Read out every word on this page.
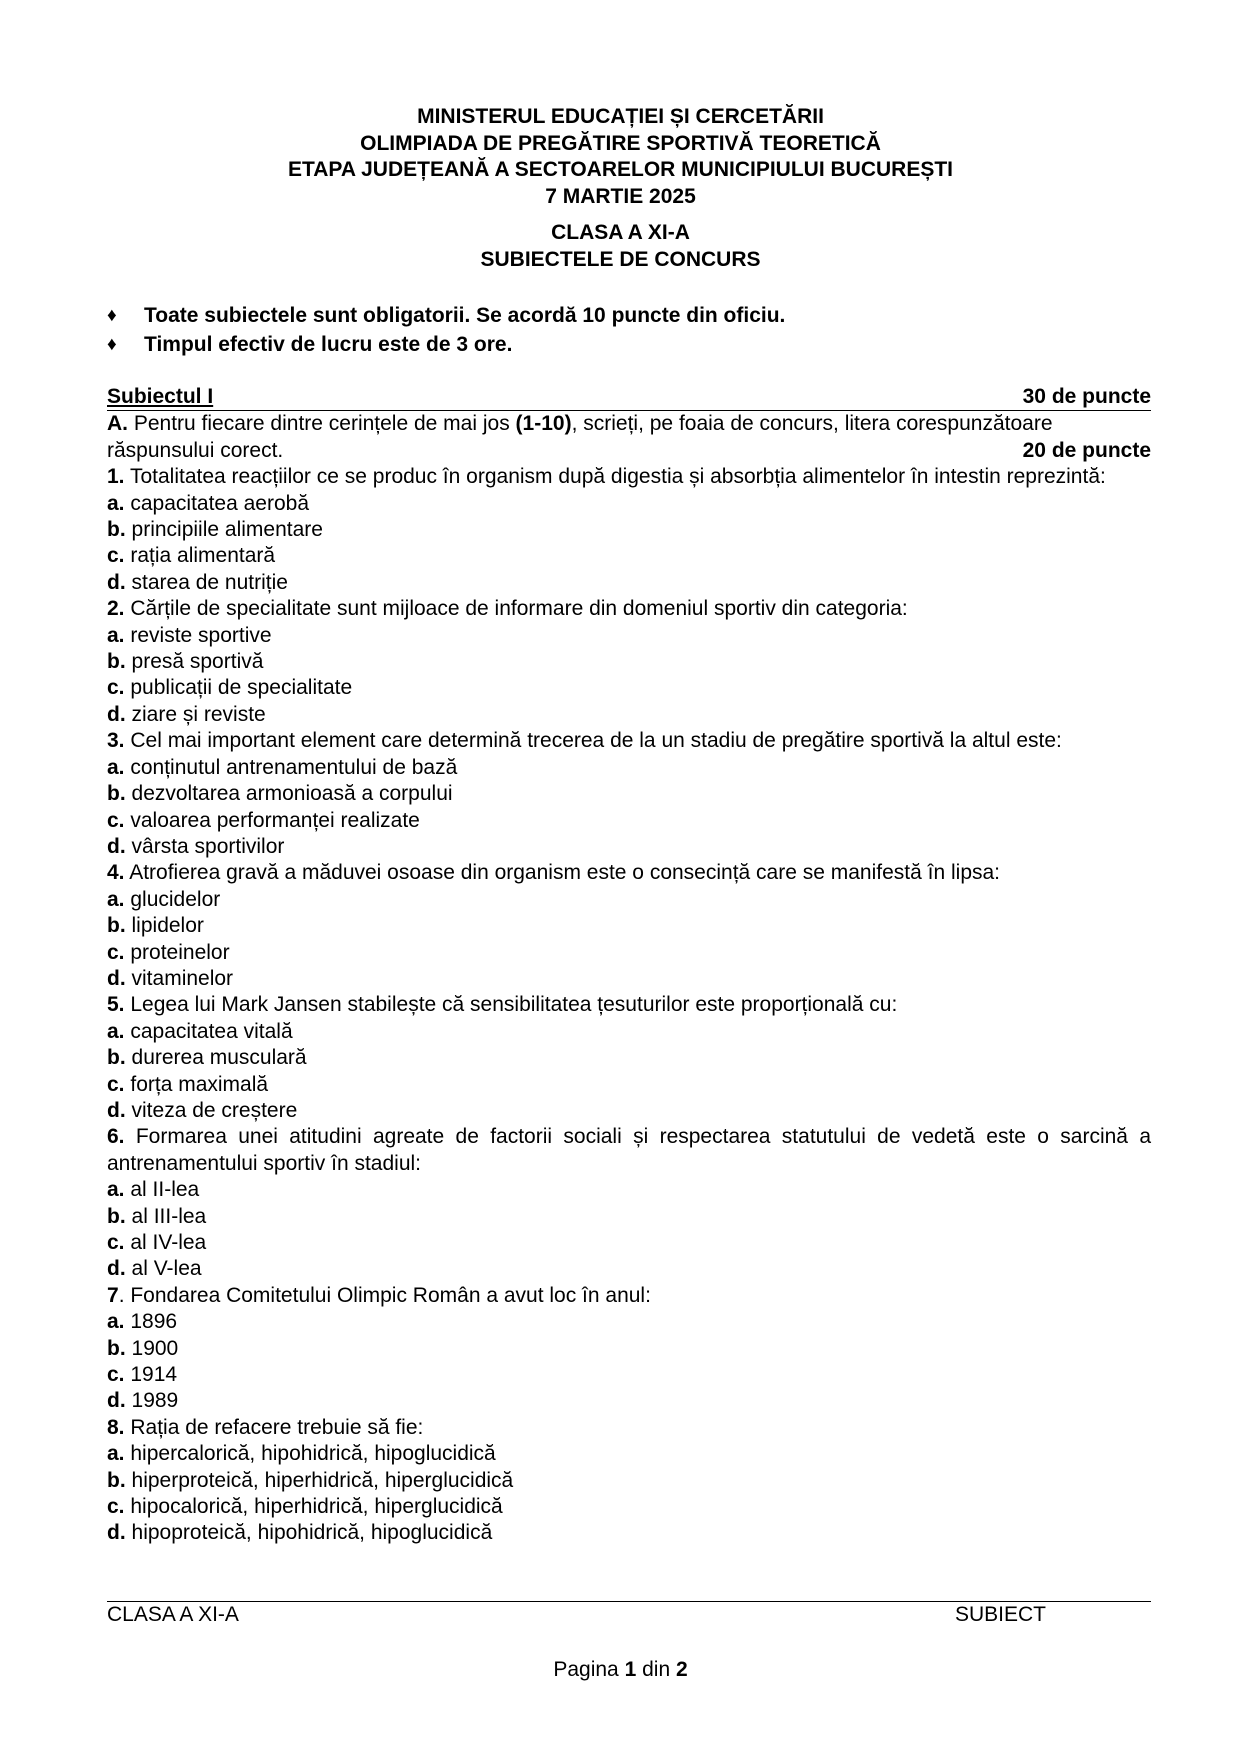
MINISTERUL EDUCAȚIEI ȘI CERCETĂRII
OLIMPIADA DE PREGĂTIRE SPORTIVĂ TEORETICĂ
ETAPA JUDEȚEANĂ A SECTOARELOR MUNICIPIULUI BUCUREȘTI
7 MARTIE 2025
CLASA A XI-A
SUBIECTELE DE CONCURS
♦	Toate subiectele sunt obligatorii. Se acordă 10 puncte din oficiu.
♦	Timpul efectiv de lucru este de 3 ore.
Subiectul I	30 de puncte
A. Pentru fiecare dintre cerințele de mai jos (1-10), scrieți, pe foaia de concurs, litera corespunzătoare
răspunsului corect.	20 de puncte
1. Totalitatea reacțiilor ce se produc în organism după digestia și absorbția alimentelor în intestin reprezintă:
a. capacitatea aerobă
b. principiile alimentare
c. rația alimentară
d. starea de nutriție
2. Cărțile de specialitate sunt mijloace de informare din domeniul sportiv din categoria:
a. reviste sportive
b. presă sportivă
c. publicații de specialitate
d. ziare și reviste
3. Cel mai important element care determină trecerea de la un stadiu de pregătire sportivă la altul este:
a. conținutul antrenamentului de bază
b. dezvoltarea armonioasă a corpului
c. valoarea performanței realizate
d. vârsta sportivilor
4. Atrofierea gravă a măduvei osoase din organism este o consecință care se manifestă în lipsa:
a. glucidelor
b. lipidelor
c. proteinelor
d. vitaminelor
5. Legea lui Mark Jansen stabilește că sensibilitatea țesuturilor este proporțională cu:
a. capacitatea vitală
b. durerea musculară
c. forța maximală
d. viteza de creștere
6. Formarea unei atitudini agreate de factorii sociali și respectarea statutului de vedetă este o sarcină a antrenamentului sportiv în stadiul:
a. al II-lea
b. al III-lea
c. al IV-lea
d. al V-lea
7. Fondarea Comitetului Olimpic Român a avut loc în anul:
a. 1896
b. 1900
c. 1914
d. 1989
8. Rația de refacere trebuie să fie:
a. hipercalorică, hipohidrică, hipoglucidică
b. hiperproteică, hiperhidrică, hiperglucidică
c. hipocalorică, hiperhidrică, hiperglucidică
d. hipoproteică, hipohidrică, hipoglucidică
CLASA A XI-A	SUBIECT
Pagina 1 din 2
